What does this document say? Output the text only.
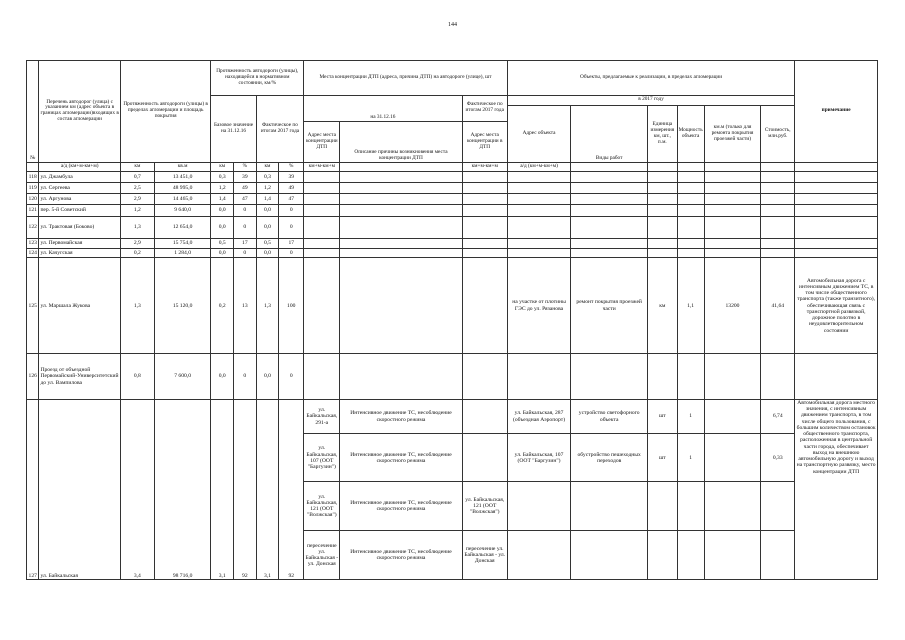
144
№	Перечень автодорог (улица) с указанием км (адрес объекта в границах агломерации)входящих в состав агломерации	Протяженность автодороги (улицы) в пределах агломерации и площадь покрытия		Протяженность автодороги (улицы), находящейся в нормативном состоянии, км/%				Места концентрации ДТП (адреса, причина ДТП) на автодороге (улице), шт			Объекты, предлагаемые к реализации, в пределах агломерации						примечание
				Базовое значение на 31.12.16		Фактическое по итогам 2017 года		на 31.12.16		Фактическое по итогам 2017 года	в 2017 году						
											Адрес объекта	Виды работ	Единица измерения км, шт., п.м.	Мощность объекта	км.м (только для ремонта покрытия проезжей части)	Стоимость, млн.руб.	
								Адрес места концентрации ДТП	Описание причины возникновения места концентрации ДТП	Адрес места концентрации в ДТП							
	а/д (км+м-км+м)	км	кв.м	км	%	км	%	км+м-км+м		км+м-км+м	а/д (км+м-км+м)						
118	ул. Джамбула	0,7	13 451,0	0,3	39	0,3	39										
119	ул. Сергеева	2,5	48 995,0	1,2	49	1,2	49										
120	ул. Аргунова	2,9	14 465,0	1,4	47	1,4	47										
121	пер. 5-й Советский	1,2	9 640,0	0,0	0	0,0	0										
122	ул. Трактовая (Боково)	1,3	12 654,0	0,0	0	0,0	0										
123	ул. Первомайская	2,9	15 754,0	0,5	17	0,5	17										
124	ул. Качугская	0,2	1 284,0	0,0	0	0,0	0										
125	ул. Маршала Жукова	1,3	15 120,0	0,2	13	1,3	100				на участке от плотины ГЭС до ул. Рязанова	ремонт покрытия проезжей части	км	1,1	13200	41,64	Автомобильная дорога с интенсивным движением ТС, в том числе общественного транспорта (также транзитного), обеспечивающая связь с транспортной развязкой, дорожное полотно в неудовлетворительном состоянии
126	Проезд от объездной Первомайский-Университетский до ул. Вампилова	0,8	7 600,0	0,0	0	0,0	0										
127	ул. Байкальская	3,4	98 716,0	3,1	92	3,1	92	ул. Байкальская, 291-а	Интенсивное движение ТС, несоблюдение скоростного режима		ул. Байкальская, 287 (объездная Аэропорт)	устройство светофорного объекта	шт	1		6,74	Автомобильная дорога местного значения, с интенсивным движением транспорта, в том числе общего пользования, с большим количеством остановок общественного транспорта, расположенная в центральной части города, обеспечивает выход на внешнюю автомобильную дорогу и выход на транспортную развязку, место концентрации ДТП
								ул. Байкальская, 107 (ООТ "Баргузин")	Интенсивное движение ТС, несоблюдение скоростного режима		ул. Байкальская, 107 (ООТ "Баргузин")	обустройство пешеходных переходов	шт	1		0,33	
								ул. Байкальская, 121 (ООТ "Волжская")	Интенсивное движение ТС, несоблюдение скоростного режима	ул. Байкальская, 121 (ООТ "Волжская")							
								пересечение ул. Байкальская - ул. Донская	Интенсивное движение ТС, несоблюдение скоростного режима	пересечение ул. Байкальская - ул. Донская							
